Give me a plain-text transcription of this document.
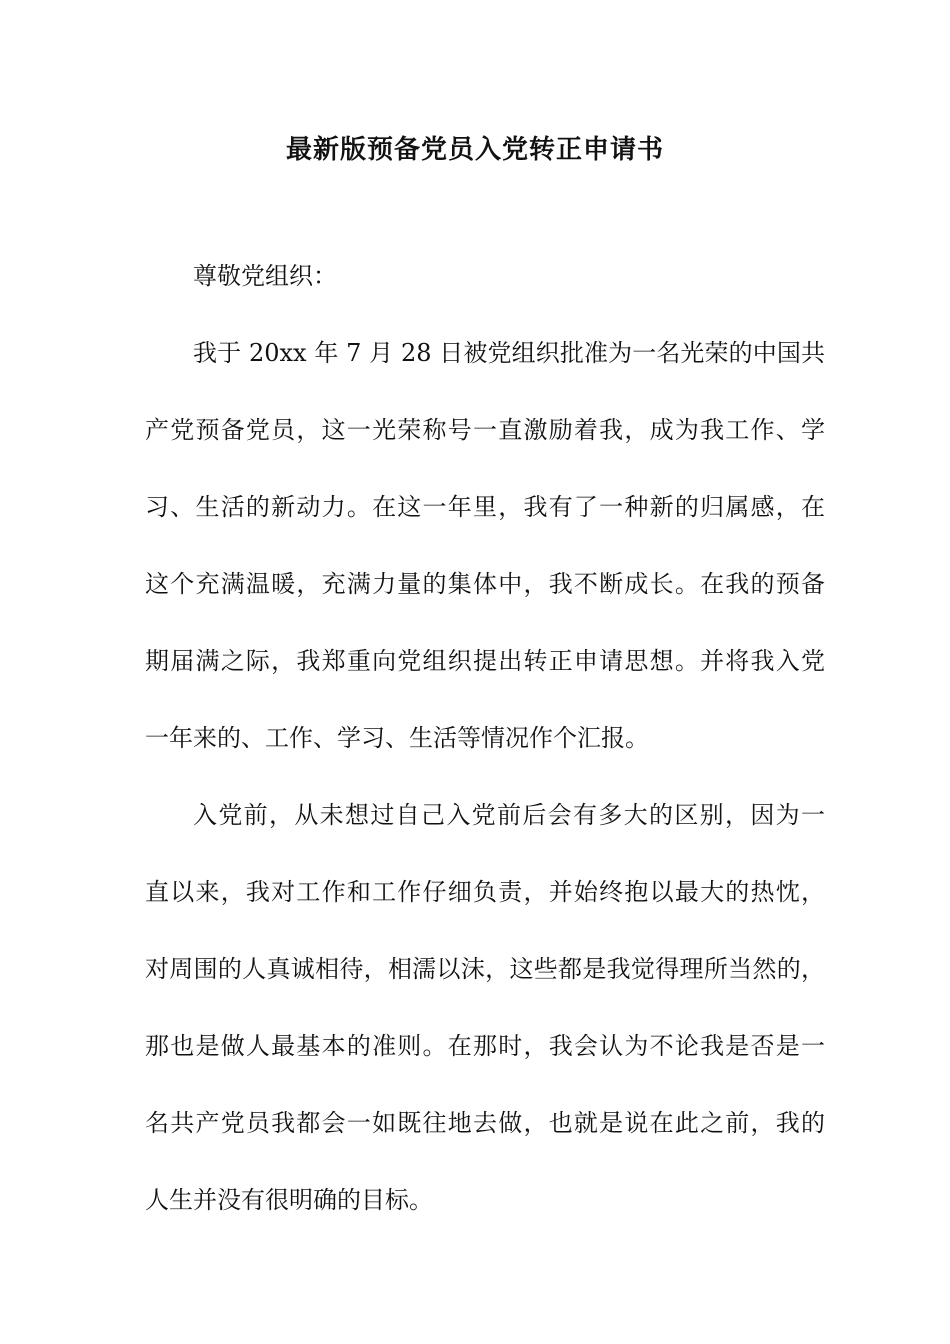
最新版预备党员入党转正申请书
尊敬党组织：
我于 20xx 年 7 月 28 日被党组织批准为一名光荣的中国共
产党预备党员，这一光荣称号一直激励着我，成为我工作、学
习、生活的新动力。在这一年里，我有了一种新的归属感，在
这个充满温暖，充满力量的集体中，我不断成长。在我的预备
期届满之际，我郑重向党组织提出转正申请思想。并将我入党
一年来的、工作、学习、生活等情况作个汇报。
入党前，从未想过自己入党前后会有多大的区别，因为一
直以来，我对工作和工作仔细负责，并始终抱以最大的热忱，
对周围的人真诚相待，相濡以沫，这些都是我觉得理所当然的，
那也是做人最基本的准则。在那时，我会认为不论我是否是一
名共产党员我都会一如既往地去做，也就是说在此之前，我的
人生并没有很明确的目标。
